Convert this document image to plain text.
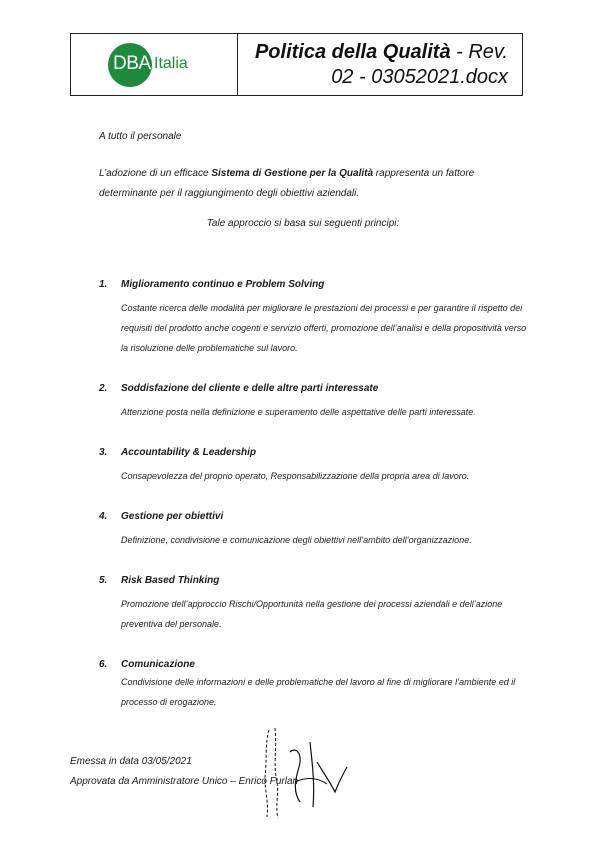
DBA Italia
Politica della Qualità - Rev.
02 - 03052021.docx
A tutto il personale
L’adozione di un efficace Sistema di Gestione per la Qualità rappresenta un fattore determinante per il raggiungimento degli obiettivi aziendali.
Tale approccio si basa sui seguenti principi:
1.	Miglioramento continuo e Problem Solving
Costante ricerca delle modalità per migliorare le prestazioni dei processi e per garantire il rispetto dei requisiti del prodotto anche cogenti e servizio offerti, promozione dell’analisi e della propositività verso la risoluzione delle problematiche sul lavoro.
2.	Soddisfazione del cliente e delle altre parti interessate
Attenzione posta nella definizione e superamento delle aspettative delle parti interessate.
3.	Accountability & Leadership
Consapevolezza del proprio operato, Responsabilizzazione della propria area di lavoro.
4.	Gestione per obiettivi
Definizione, condivisione e comunicazione degli obiettivi nell’ambito dell’organizzazione.
5.	Risk Based Thinking
Promozione dell’approccio Rischi/Opportunità nella gestione dei processi aziendali e dell’azione preventiva del personale.
6.	Comunicazione
Condivisione delle informazioni e delle problematiche del lavoro al fine di migliorare l’ambiente ed il processo di erogazione.
Emessa in data 03/05/2021
Approvata da Amministratore Unico – Enrico Furlan
